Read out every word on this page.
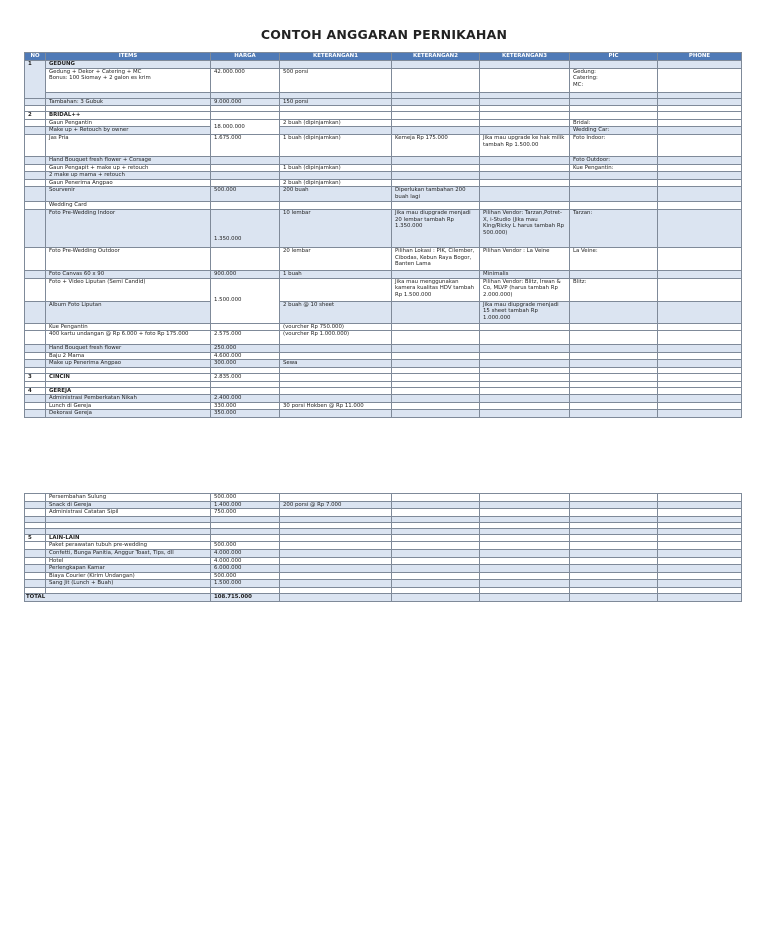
CONTOH ANGGARAN PERNIKAHAN
NO	ITEMS	HARGA	KETERANGAN1	KETERANGAN2	KETERANGAN3	PIC	PHONE
1	GEDUNG						
	Gedung + Dekor + Catering + MC
Bonus: 100 Siomay + 2 galon es krim	42.000.000	500 porsi			Gedung:
Catering:
MC:	

	Tambahan: 3 Gubuk	9.000.000	150 porsi				

2	BRIDAL++						
	Gaun Pengantin	18.000.000	2 buah (dipinjamkan)			Bridal:	
	Make up + Retouch by owner					Wedding Car:	
	Jas Pria	1.675.000	1 buah (dipinjamkan)	Kemeja Rp 175.000	Jika mau upgrade ke hak milik tambah Rp 1.500.00	Foto Indoor:	
	Hand Bouquet fresh flower + Corsage					Foto Outdoor:	
	Gaun Pengapit + make up + retouch		1 buah (dipinjamkan)			Kue Pengantin:	
	2 make up mama + retouch						
	Gaun Penerima Angpao		2 buah (dipinjamkan)				
	Sourvenir	500.000	200 buah	Diperlukan tambahan 200 buah lagi			
	Wedding Card						
	Foto Pre-Wedding Indoor	1.350.000	10 lembar	Jika mau diupgrade menjadi 20 lembar tambah Rp 1.350.000	Pilihan Vendor: Tarzan,Potret-X, i-Studio (Jika mau King/Ricky L harus tambah Rp 500.000)	Tarzan:	
	Foto Pre-Wedding Outdoor		20 lembar	Pilihan Lokasi : PIK, Cilember, Cibodas, Kebun Raya Bogor, Banten Lama	Pilihan Vendor : La Veine	La Veine:	
	Foto Canvas 60 x 90	900.000	1 buah		Minimalis		
	Foto + Video Liputan (Semi Candid)	1.500.000		Jika mau menggunakan kamera kualitas HDV tambah Rp 1.500.000	Pilihan Vendor: Blitz, Irwan & Co, MLVP (harus tambah Rp 2.000.000)	Blitz:	
	Album Foto Liputan		2 buah @ 10 sheet		Jika mau diupgrade menjadi 15 sheet tambah Rp 1.000.000		
	Kue Pengantin		(vourcher Rp 750.000)				
	400 kartu undangan @ Rp 6.000 + foto Rp 175.000	2.575.000	(vourcher Rp 1.000.000)				
	Hand Bouquet fresh flower	250.000					
	Baju 2 Mama	4.600.000					
	Make up Penerima Angpao	300.000	Sewa				

3	CINCIN	2.835.000					

4	GEREJA						
	Administrasi Pemberkatan Nikah	2.400.000					
	Lunch di Gereja	330.000	30 porsi Hokben @ Rp 11.000				
	Dekorasi Gereja	350.000					
	Persembahan Sulung	500.000					
	Snack di Gereja	1.400.000	200 porsi @ Rp 7.000				
	Administrasi Catatan Sipil	750.000					

5	LAIN-LAIN						
	Paket perawatan tubuh pre-wedding	500.000					
	Confetti, Bunga Panitia, Anggur Toast, Tips, dll	4.000.000					
	Hotel	4.000.000					
	Perlengkapan Kamar	6.000.000					
	Biaya Courier (Kirim Undangan)	500.000					
	Sang Jit (Lunch + Buah)	1.500.000					

TOTAL		108.715.000					
